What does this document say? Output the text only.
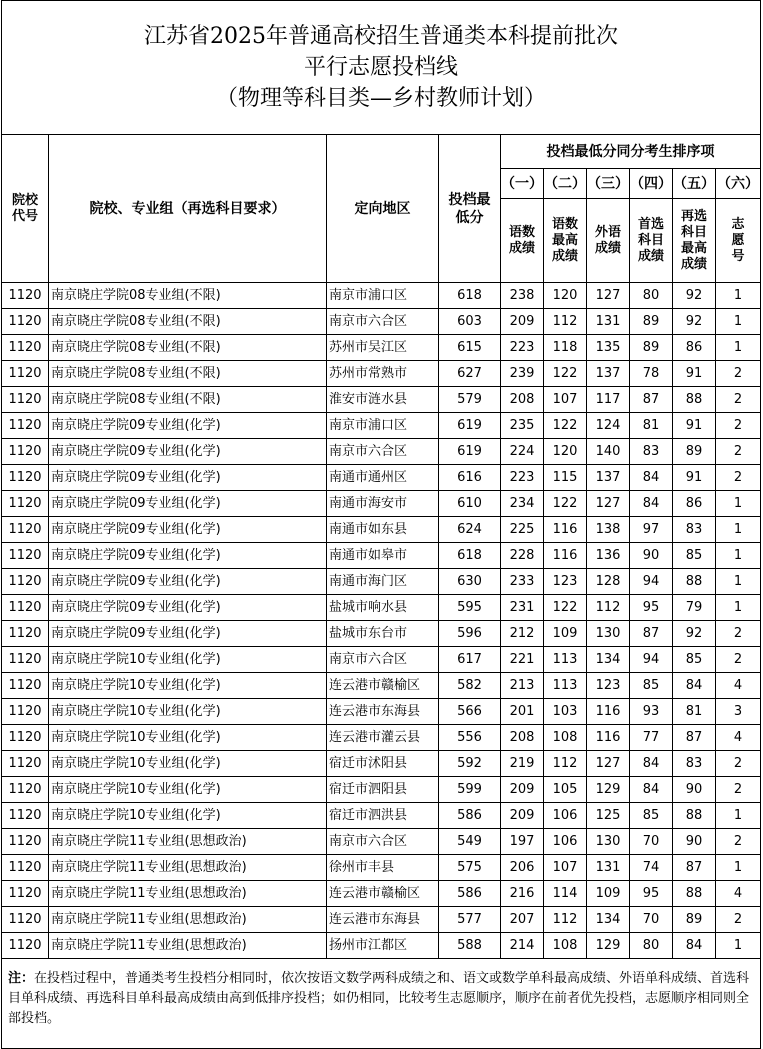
江苏省2025年普通高校招生普通类本科提前批次
平行志愿投档线
（物理等科目类—乡村教师计划）									

院校代号	院校、专业组（再选科目要求）	定向地区	投档最低分	投档最低分同分考生排序项					
				（一）	（二）	（三）	（四）	（五）	（六）
				语数成绩	语数最高成绩	外语成绩	首选科目成绩	再选科目最高成绩	志愿号
1120	南京晓庄学院08专业组(不限)	南京市浦口区	618	238	120	127	80	92	1
1120	南京晓庄学院08专业组(不限)	南京市六合区	603	209	112	131	89	92	1
1120	南京晓庄学院08专业组(不限)	苏州市吴江区	615	223	118	135	89	86	1
1120	南京晓庄学院08专业组(不限)	苏州市常熟市	627	239	122	137	78	91	2
1120	南京晓庄学院08专业组(不限)	淮安市涟水县	579	208	107	117	87	88	2
1120	南京晓庄学院09专业组(化学)	南京市浦口区	619	235	122	124	81	91	2
1120	南京晓庄学院09专业组(化学)	南京市六合区	619	224	120	140	83	89	2
1120	南京晓庄学院09专业组(化学)	南通市通州区	616	223	115	137	84	91	2
1120	南京晓庄学院09专业组(化学)	南通市海安市	610	234	122	127	84	86	1
1120	南京晓庄学院09专业组(化学)	南通市如东县	624	225	116	138	97	83	1
1120	南京晓庄学院09专业组(化学)	南通市如皋市	618	228	116	136	90	85	1
1120	南京晓庄学院09专业组(化学)	南通市海门区	630	233	123	128	94	88	1
1120	南京晓庄学院09专业组(化学)	盐城市响水县	595	231	122	112	95	79	1
1120	南京晓庄学院09专业组(化学)	盐城市东台市	596	212	109	130	87	92	2
1120	南京晓庄学院10专业组(化学)	南京市六合区	617	221	113	134	94	85	2
1120	南京晓庄学院10专业组(化学)	连云港市赣榆区	582	213	113	123	85	84	4
1120	南京晓庄学院10专业组(化学)	连云港市东海县	566	201	103	116	93	81	3
1120	南京晓庄学院10专业组(化学)	连云港市灌云县	556	208	108	116	77	87	4
1120	南京晓庄学院10专业组(化学)	宿迁市沭阳县	592	219	112	127	84	83	2
1120	南京晓庄学院10专业组(化学)	宿迁市泗阳县	599	209	105	129	84	90	2
1120	南京晓庄学院10专业组(化学)	宿迁市泗洪县	586	209	106	125	85	88	1
1120	南京晓庄学院11专业组(思想政治)	南京市六合区	549	197	106	130	70	90	2
1120	南京晓庄学院11专业组(思想政治)	徐州市丰县	575	206	107	131	74	87	1
1120	南京晓庄学院11专业组(思想政治)	连云港市赣榆区	586	216	114	109	95	88	4
1120	南京晓庄学院11专业组(思想政治)	连云港市东海县	577	207	112	134	70	89	2
1120	南京晓庄学院11专业组(思想政治)	扬州市江都区	588	214	108	129	80	84	1
注：在投档过程中，普通类考生投档分相同时，依次按语文数学两科成绩之和、语文或数学单科最高成绩、外语单科成绩、首选科目单科成绩、再选科目单科最高成绩由高到低排序投档；如仍相同，比较考生志愿顺序，顺序在前者优先投档，志愿顺序相同则全部投档。									
